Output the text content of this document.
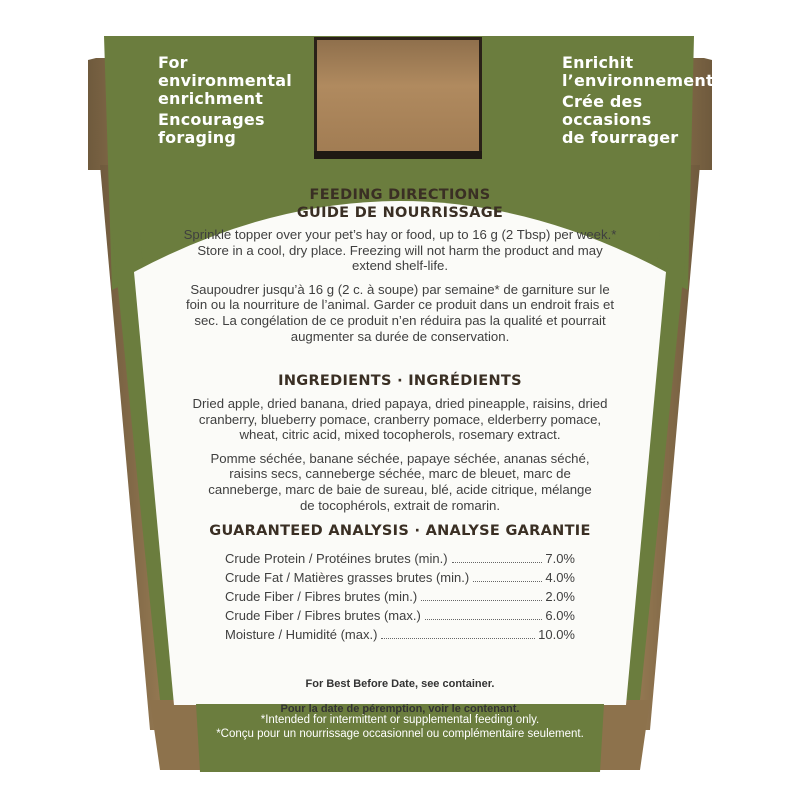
For

environmental

enrichment

Encourages

foraging

Enrichit

l’environnement

Crée des

occasions

de fourrager

FEEDING DIRECTIONS

GUIDE DE NOURRISSAGE

Sprinkle topper over your pet’s hay or food, up to 16 g (2 Tbsp) per week.*

Store in a cool, dry place. Freezing will not harm the product and may

extend shelf-life.

Saupoudrer jusqu’à 16 g (2 c. à soupe) par semaine* de garniture sur le

foin ou la nourriture de l’animal. Garder ce produit dans un endroit frais et

sec. La congélation de ce produit n’en réduira pas la qualité et pourrait

augmenter sa durée de conservation.

INGREDIENTS · INGRÉDIENTS

Dried apple, dried banana, dried papaya, dried pineapple, raisins, dried

cranberry, blueberry pomace, cranberry pomace, elderberry pomace,

wheat, citric acid, mixed tocopherols, rosemary extract.

Pomme séchée, banane séchée, papaye séchée, ananas séché,

raisins secs, canneberge séchée, marc de bleuet, marc de

canneberge, marc de baie de sureau, blé, acide citrique, mélange

de tocophérols, extrait de romarin.

GUARANTEED ANALYSIS · ANALYSE GARANTIE

Crude Protein / Protéines brutes (min.)	7.0%
Crude Fat / Matières grasses brutes (min.)	4.0%
Crude Fiber / Fibres brutes (min.)	2.0%
Crude Fiber / Fibres brutes (max.)	6.0%
Moisture / Humidité (max.)	10.0%

For Best Before Date, see container.

Pour la date de péremption, voir le contenant.

*Intended for intermittent or supplemental feeding only.
*Conçu pour un nourrissage occasionnel ou complémentaire seulement.
